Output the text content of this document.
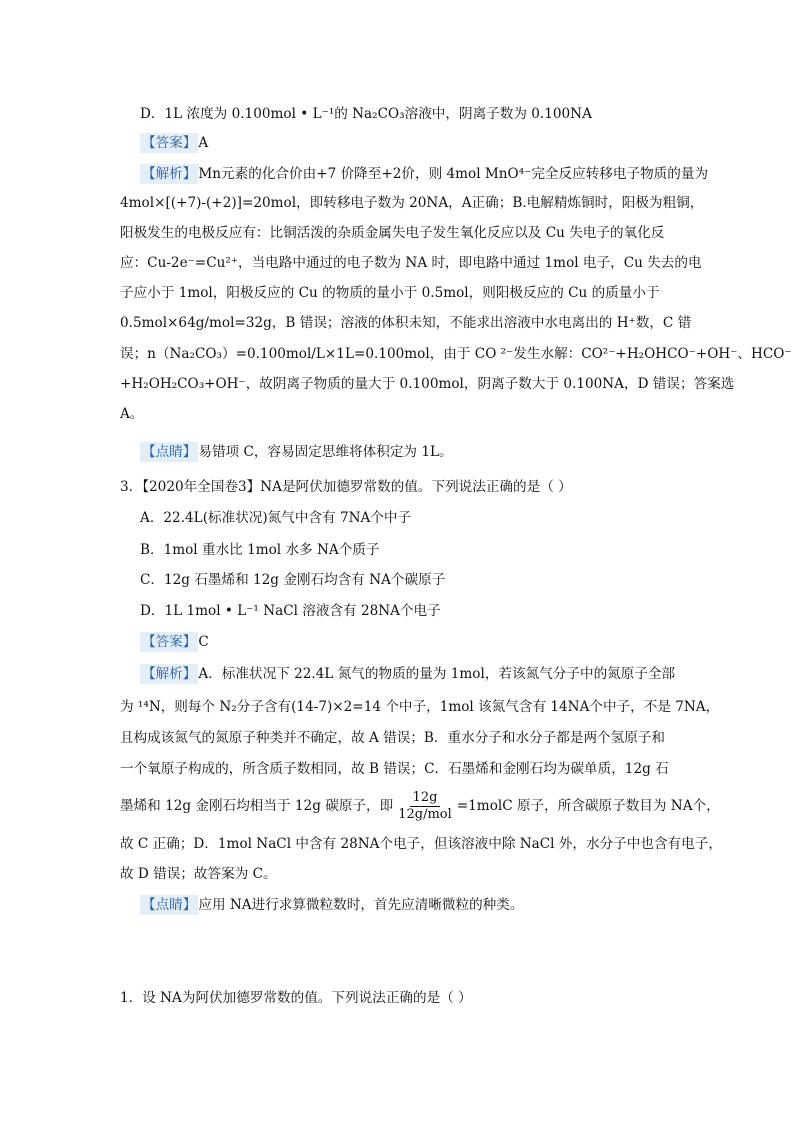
D．1L 浓度为 0.100mol • L⁻¹的 Na₂CO₃溶液中，阴离子数为 0.100NA
【答案】 A
【解析】 Mn元素的化合价由+7 价降至+2价，则 4mol MnO⁴⁻完全反应转移电子物质的量为
4mol×[(+7)-(+2)]=20mol，即转移电子数为 20NA，A正确；B.电解精炼铜时，阳极为粗铜，
阳极发生的电极反应有：比铜活泼的杂质金属失电子发生氧化反应以及 Cu 失电子的氧化反
应：Cu-2e⁻=Cu²⁺，当电路中通过的电子数为 NA 时，即电路中通过 1mol 电子，Cu 失去的电
子应小于 1mol，阳极反应的 Cu 的物质的量小于 0.5mol，则阳极反应的 Cu 的质量小于
0.5mol×64g/mol=32g，B 错误；溶液的体积未知，不能求出溶液中水电离出的 H⁺数，C 错
误；n（Na₂CO₃）=0.100mol/L×1L=0.100mol，由于 CO ²⁻发生水解：CO²⁻+H₂OHCO⁻+OH⁻、HCO⁻
+H₂OH₂CO₃+OH⁻，故阴离子物质的量大于 0.100mol，阴离子数大于 0.100NA，D 错误；答案选
A。
【点睛】 易错项 C，容易固定思维将体积定为 1L。
3．【2020年全国卷3】NA是阿伏加德罗常数的值。下列说法正确的是（ ）
A．22.4L(标准状况)氮气中含有 7NA个中子
B．1mol 重水比 1mol 水多 NA个质子
C．12g 石墨烯和 12g 金刚石均含有 NA个碳原子
D．1L 1mol • L⁻¹ NaCl 溶液含有 28NA个电子
【答案】 C
【解析】 A．标准状况下 22.4L 氮气的物质的量为 1mol，若该氮气分子中的氮原子全部
为 ¹⁴N，则每个 N₂分子含有(14-7)×2=14 个中子，1mol 该氮气含有 14NA个中子，不是 7NA，
且构成该氮气的氮原子种类并不确定，故 A 错误；B．重水分子和水分子都是两个氢原子和
一个氧原子构成的，所含质子数相同，故 B 错误；C．石墨烯和金刚石均为碳单质，12g 石
墨烯和 12g 金刚石均相当于 12g 碳原子，即 $\frac{12g}{\text{12g/mol}}$ =1molC 原子，所含碳原子数目为 NA个，
故 C 正确；D．1mol NaCl 中含有 28NA个电子，但该溶液中除 NaCl 外，水分子中也含有电子，
故 D 错误；故答案为 C。
【点睛】 应用 NA进行求算微粒数时，首先应清晰微粒的种类。
1．设 NA为阿伏加德罗常数的值。下列说法正确的是（ ）
